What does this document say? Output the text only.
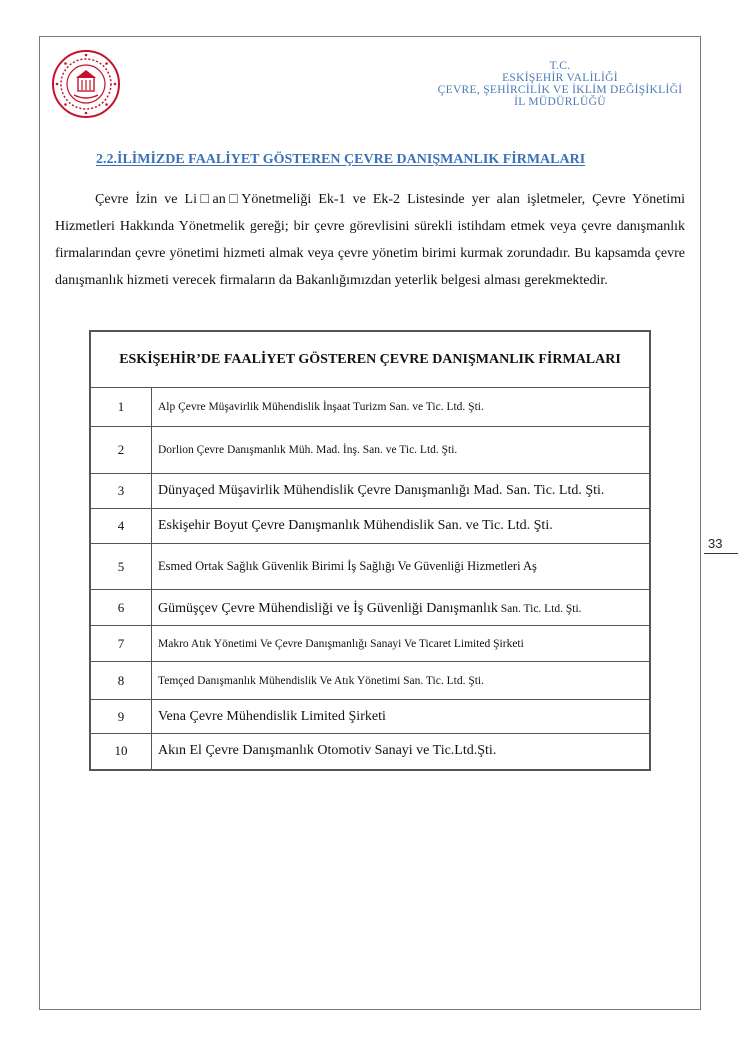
T.C.
ESKİŞEHİR VALİLİĞİ
ÇEVRE, ŞEHİRCİLİK VE İKLİM DEĞİŞİKLİĞİ
İL MÜDÜRLÜĞÜ
2.2.İLİMİZDE FAALİYET GÖSTEREN ÇEVRE DANIŞMANLIK FİRMALARI

Çevre İzin ve Li□an□Yönetmeliği Ek-1 ve Ek-2 Listesinde yer alan işletmeler, Çevre Yönetimi Hizmetleri Hakkında Yönetmelik gereği; bir çevre görevlisini sürekli istihdam etmek veya çevre danışmanlık firmalarından çevre yönetimi hizmeti almak veya çevre yönetim birimi kurmak zorundadır. Bu kapsamda çevre danışmanlık hizmeti verecek firmaların da Bakanlığımızdan yeterlik belgesi alması gerekmektedir.

ESKİŞEHİR’DE FAALİYET GÖSTEREN ÇEVRE DANIŞMANLIK FİRMALARI	
1	Alp Çevre Müşavirlik Mühendislik İnşaat Turizm San. ve Tic. Ltd. Şti.
2	Dorlion Çevre Danışmanlık Müh. Mad. İnş. San. ve Tic. Ltd. Şti.
3	Dünyaçed Müşavirlik Mühendislik Çevre Danışmanlığı Mad. San. Tic. Ltd. Şti.
4	Eskişehir Boyut Çevre Danışmanlık Mühendislik San. ve Tic. Ltd. Şti.
5	Esmed Ortak Sağlık Güvenlik Birimi İş Sağlığı Ve Güvenliği Hizmetleri Aş
6	Gümüşçev Çevre Mühendisliği ve İş Güvenliği Danışmanlık San. Tic. Ltd. Şti.
7	Makro Atık Yönetimi Ve Çevre Danışmanlığı Sanayi Ve Ticaret Limited Şirketi
8	Temçed Danışmanlık Mühendislik Ve Atık Yönetimi San. Tic. Ltd. Şti.
9	Vena Çevre Mühendislik Limited Şirketi
10	Akın El Çevre Danışmanlık Otomotiv Sanayi ve Tic.Ltd.Şti.
33
